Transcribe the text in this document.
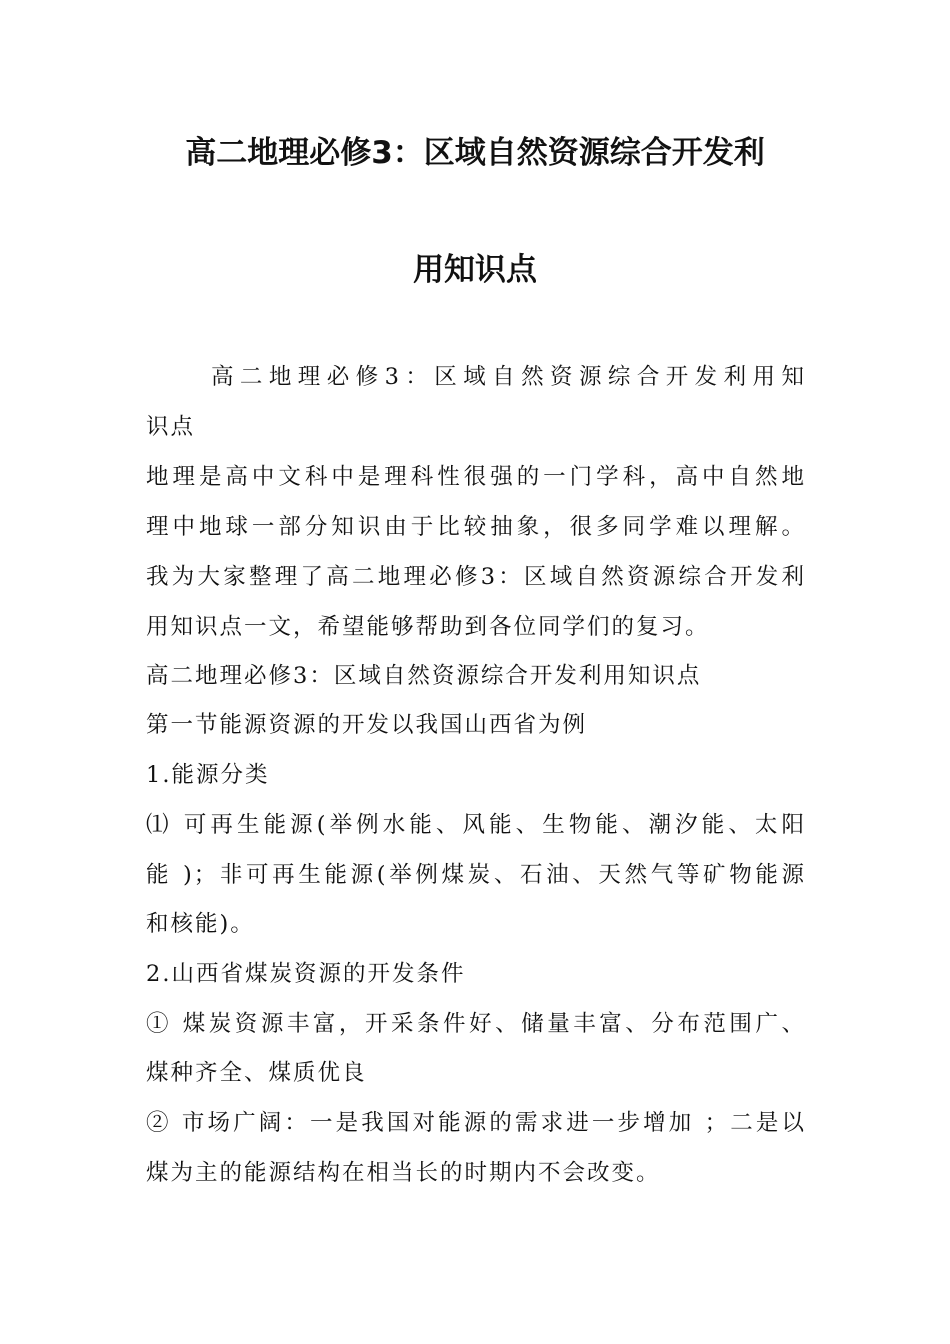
高二地理必修3：区域自然资源综合开发利
用知识点
高二地理必修3：区域自然资源综合开发利用知
识点
地理是高中文科中是理科性很强的一门学科，高中自然地
理中地球一部分知识由于比较抽象，很多同学难以理解。
我为大家整理了高二地理必修3：区域自然资源综合开发利
用知识点一文，希望能够帮助到各位同学们的复习。
高二地理必修3：区域自然资源综合开发利用知识点
第一节能源资源的开发以我国山西省为例
1.能源分类
⑴ 可再生能源(举例水能、风能、生物能、潮汐能、太阳
能 )；非可再生能源(举例煤炭、石油、天然气等矿物能源
和核能)。
2.山西省煤炭资源的开发条件
① 煤炭资源丰富，开采条件好、储量丰富、分布范围广、
煤种齐全、煤质优良
② 市场广阔：一是我国对能源的需求进一步增加 ；二是以
煤为主的能源结构在相当长的时期内不会改变。
